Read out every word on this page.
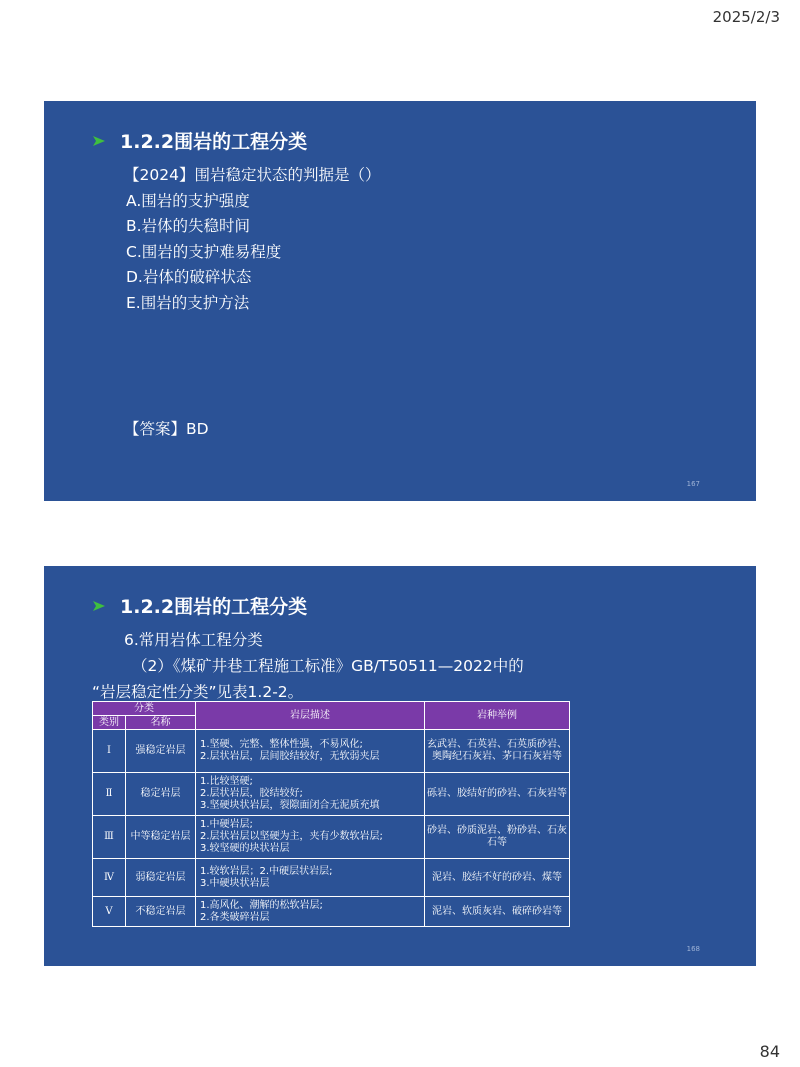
2025/2/3
1.2.2围岩的工程分类
【2024】围岩稳定状态的判据是（）
A.围岩的支护强度
B.岩体的失稳时间
C.围岩的支护难易程度
D.岩体的破碎状态
E.围岩的支护方法
【答案】BD
167
1.2.2围岩的工程分类
6.常用岩体工程分类
（2）《煤矿井巷工程施工标准》GB/T50511—2022中的
“岩层稳定性分类”见表1.2-2。
分类		岩层描述	岩种举例
类别	名称		
Ⅰ	强稳定岩层	1.坚硬、完整、整体性强，不易风化;
2.层状岩层，层间胶结较好，无软弱夹层	玄武岩、石英岩、石英质砂岩、奥陶纪石灰岩、茅口石灰岩等
Ⅱ	稳定岩层	1.比较坚硬;
2.层状岩层，胶结较好;
3.坚硬块状岩层，裂隙面闭合无泥质充填	砾岩、胶结好的砂岩、石灰岩等
Ⅲ	中等稳定岩层	1.中硬岩层;
2.层状岩层以坚硬为主，夹有少数软岩层;
3.较坚硬的块状岩层	砂岩、砂质泥岩、粉砂岩、石灰石等
Ⅳ	弱稳定岩层	1.较软岩层；2.中硬层状岩层;
3.中硬块状岩层	泥岩、胶结不好的砂岩、煤等
Ⅴ	不稳定岩层	1.高风化、潮解的松软岩层;
2.各类破碎岩层	泥岩、软质灰岩、破碎砂岩等
168
84
